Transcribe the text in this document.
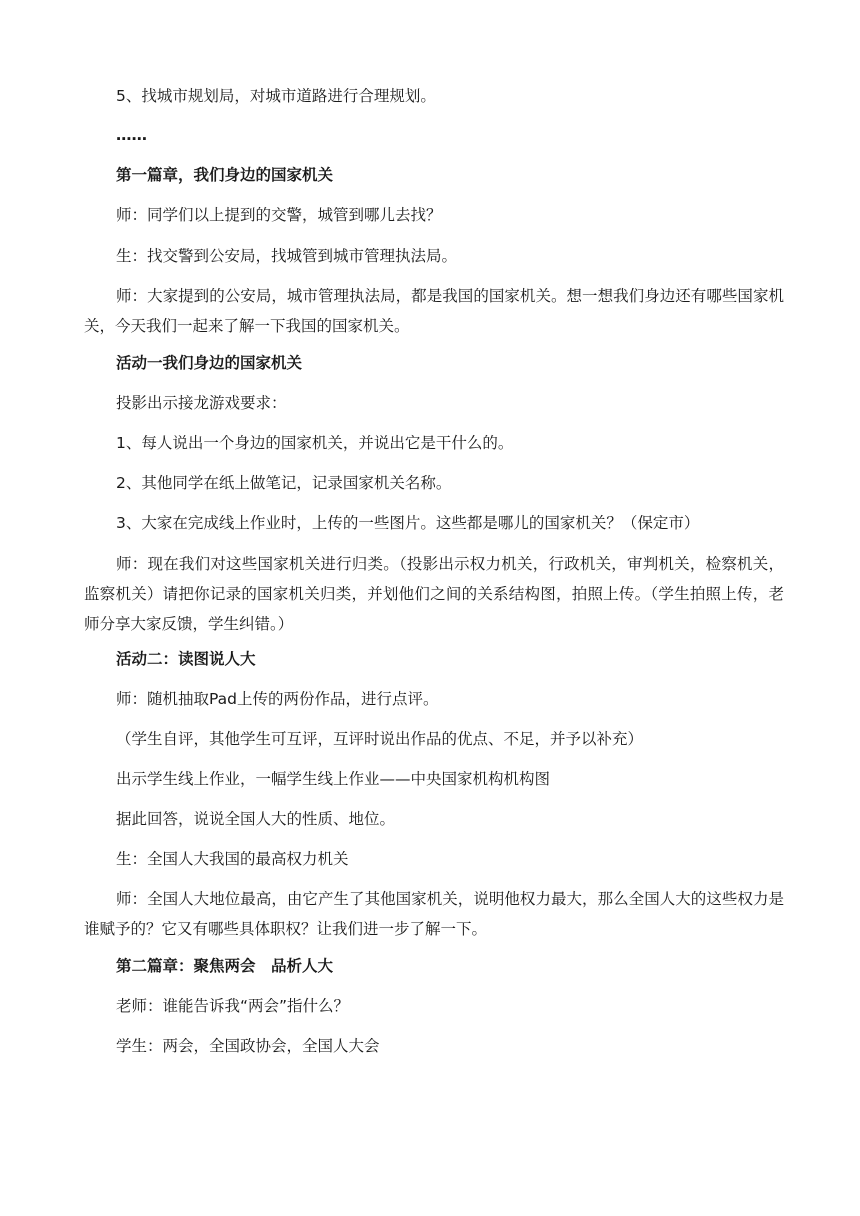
5、找城市规划局，对城市道路进行合理规划。
……
第一篇章，我们身边的国家机关
师：同学们以上提到的交警，城管到哪儿去找？
生：找交警到公安局，找城管到城市管理执法局。
师：大家提到的公安局，城市管理执法局，都是我国的国家机关。想一想我们身边还有哪些国家机关，今天我们一起来了解一下我国的国家机关。
活动一我们身边的国家机关
投影出示接龙游戏要求：
1、每人说出一个身边的国家机关，并说出它是干什么的。
2、其他同学在纸上做笔记，记录国家机关名称。
3、大家在完成线上作业时，上传的一些图片。这些都是哪儿的国家机关？（保定市）
师：现在我们对这些国家机关进行归类。（投影出示权力机关，行政机关，审判机关，检察机关，监察机关）请把你记录的国家机关归类，并划他们之间的关系结构图，拍照上传。（学生拍照上传，老师分享大家反馈，学生纠错。）
活动二：读图说人大
师：随机抽取Pad上传的两份作品，进行点评。
（学生自评，其他学生可互评，互评时说出作品的优点、不足，并予以补充）
出示学生线上作业，一幅学生线上作业——中央国家机构机构图
据此回答，说说全国人大的性质、地位。
生：全国人大我国的最高权力机关
师：全国人大地位最高，由它产生了其他国家机关，说明他权力最大，那么全国人大的这些权力是谁赋予的？它又有哪些具体职权？让我们进一步了解一下。
第二篇章：聚焦两会　品析人大
老师：谁能告诉我“两会”指什么？
学生：两会，全国政协会，全国人大会
